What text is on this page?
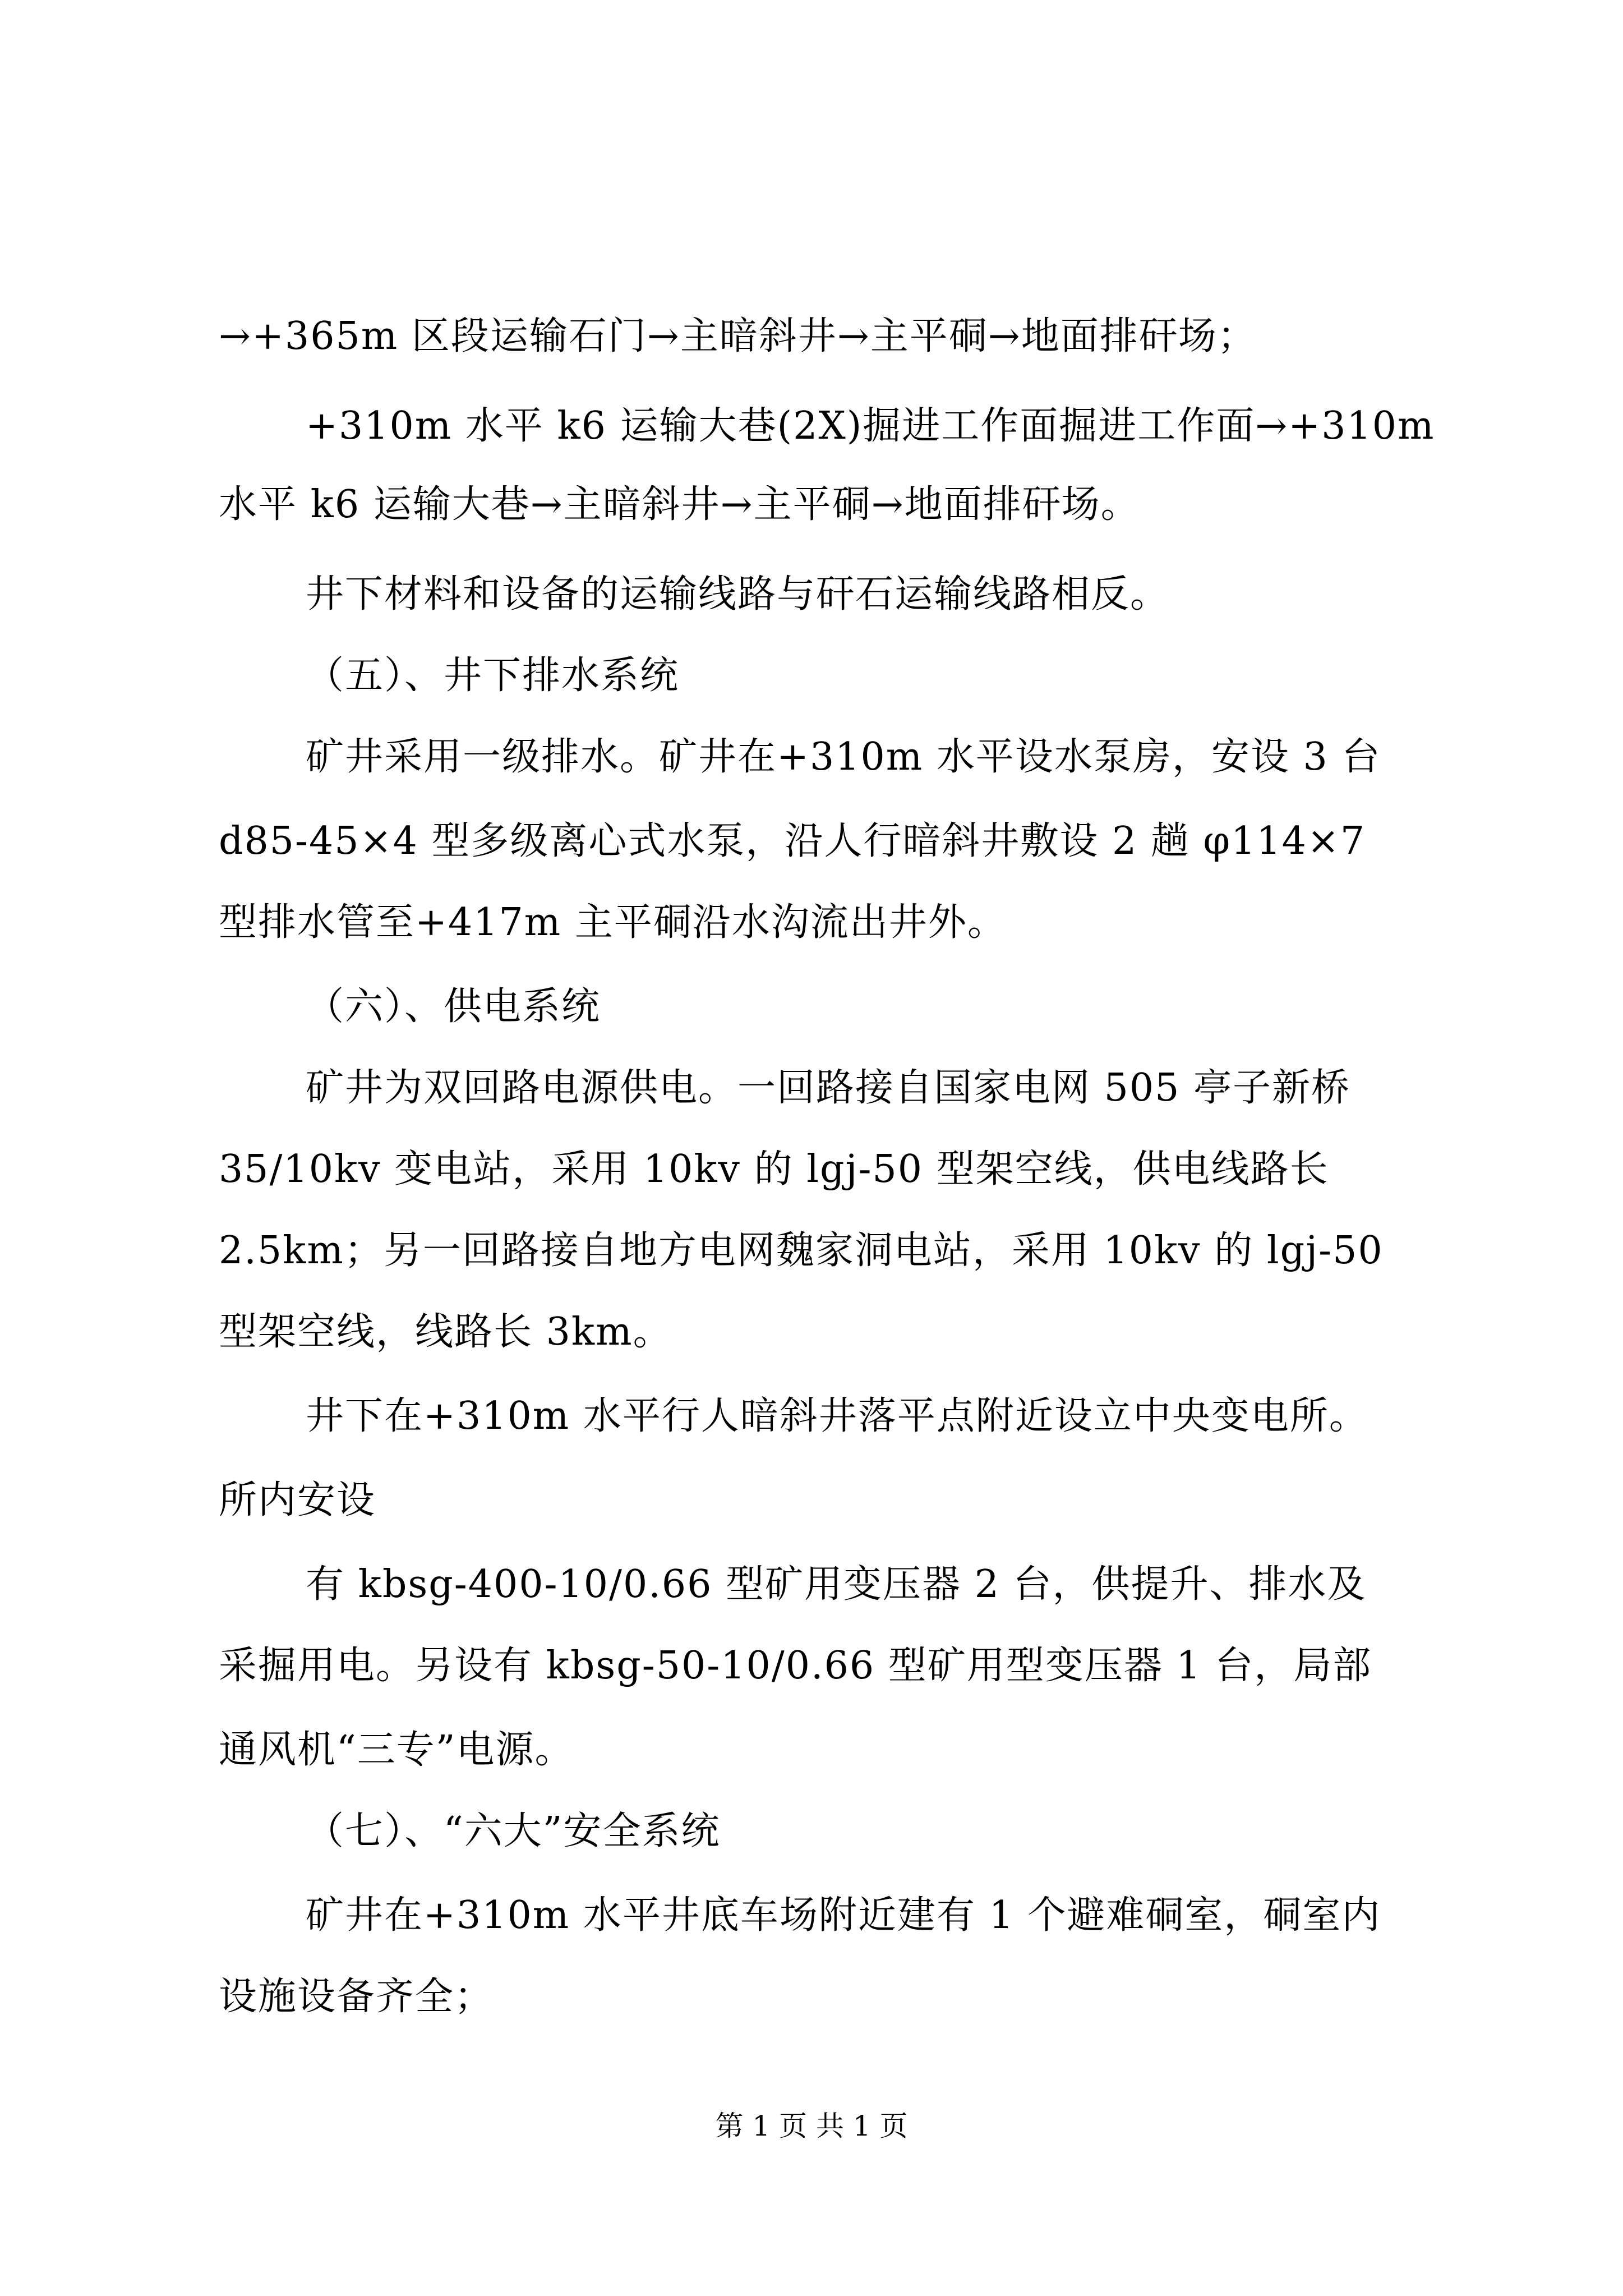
→+365m 区段运输石门→主暗斜井→主平硐→地面排矸场；
+310m 水平 k6 运输大巷(2X)掘进工作面掘进工作面→+310m
水平 k6 运输大巷→主暗斜井→主平硐→地面排矸场。
井下材料和设备的运输线路与矸石运输线路相反。
（五）、井下排水系统
矿井采用一级排水。矿井在+310m 水平设水泵房，安设 3 台
d85-45×4 型多级离心式水泵，沿人行暗斜井敷设 2 趟 φ114×7
型排水管至+417m 主平硐沿水沟流出井外。
（六）、供电系统
矿井为双回路电源供电。一回路接自国家电网 505 亭子新桥
35/10kv 变电站，采用 10kv 的 lgj-50 型架空线，供电线路长
2.5km；另一回路接自地方电网魏家洞电站，采用 10kv 的 lgj-50
型架空线，线路长 3km。
井下在+310m 水平行人暗斜井落平点附近设立中央变电所。
所内安设
有 kbsg-400-10/0.66 型矿用变压器 2 台，供提升、排水及
采掘用电。另设有 kbsg-50-10/0.66 型矿用型变压器 1 台，局部
通风机“三专”电源。
（七）、“六大”安全系统
矿井在+310m 水平井底车场附近建有 1 个避难硐室，硐室内
设施设备齐全；
第 1 页 共 1 页
